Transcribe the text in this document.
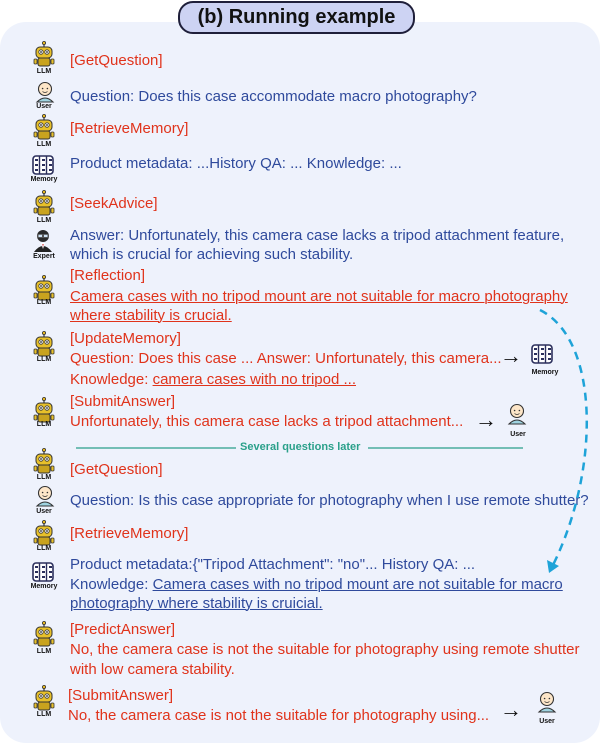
(b) Running example
LLM
User
LLM
Memory
LLM
Expert
LLM
LLM
LLM
LLM
User
LLM
Memory
LLM
LLM
Memory
User
User
[GetQuestion]
Question: Does this case accommodate macro photography?
[RetrieveMemory]
Product metadata: ...History QA: ... Knowledge: ...
[SeekAdvice]
Answer: Unfortunately, this camera case lacks a tripod attachment feature,
which is crucial for achieving such stability.
[Reflection]
Camera cases with no tripod mount are not suitable for macro photography
where stability is crucial.
[UpdateMemory]
Question: Does this case ... Answer: Unfortunately, this camera...
→
Knowledge: camera cases with no tripod ...
[SubmitAnswer]
Unfortunately, this camera case lacks a tripod attachment... →
Several questions later
[GetQuestion]
Question: Is this case appropriate for photography when I use remote shutter?
[RetrieveMemory]
Product metadata:{"Tripod Attachment": "no"... History QA: ...
Knowledge: Camera cases with no tripod mount are not suitable for macro
photography where stability is cruicial.
[PredictAnswer]
No, the camera case is not the suitable for photography using remote shutter
with low camera stability.
[SubmitAnswer]
No, the camera case is not the suitable for photography using... →
